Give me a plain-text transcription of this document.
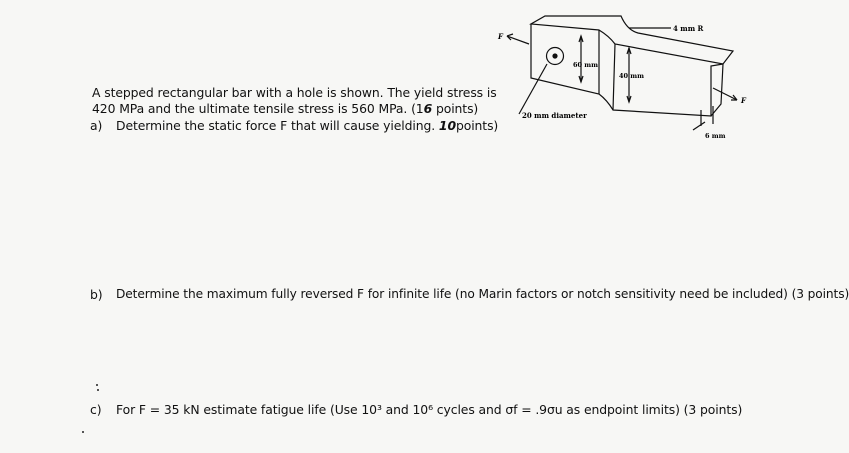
A stepped rectangular bar with a hole is shown. The yield stress is
420 MPa and the ultimate tensile stress is 560 MPa. (16 points)
a) Determine the static force F that will cause yielding. 10points)
b) Determine the maximum fully reversed F for infinite life (no Marin factors or notch sensitivity need be included) (3 points)
c) For F = 35 kN estimate fatigue life (Use 10³ and 10⁶ cycles and σf = .9σu as endpoint limits) (3 points)
4 mm R
F
F
60 mm
40 mm
20 mm diameter
6 mm
